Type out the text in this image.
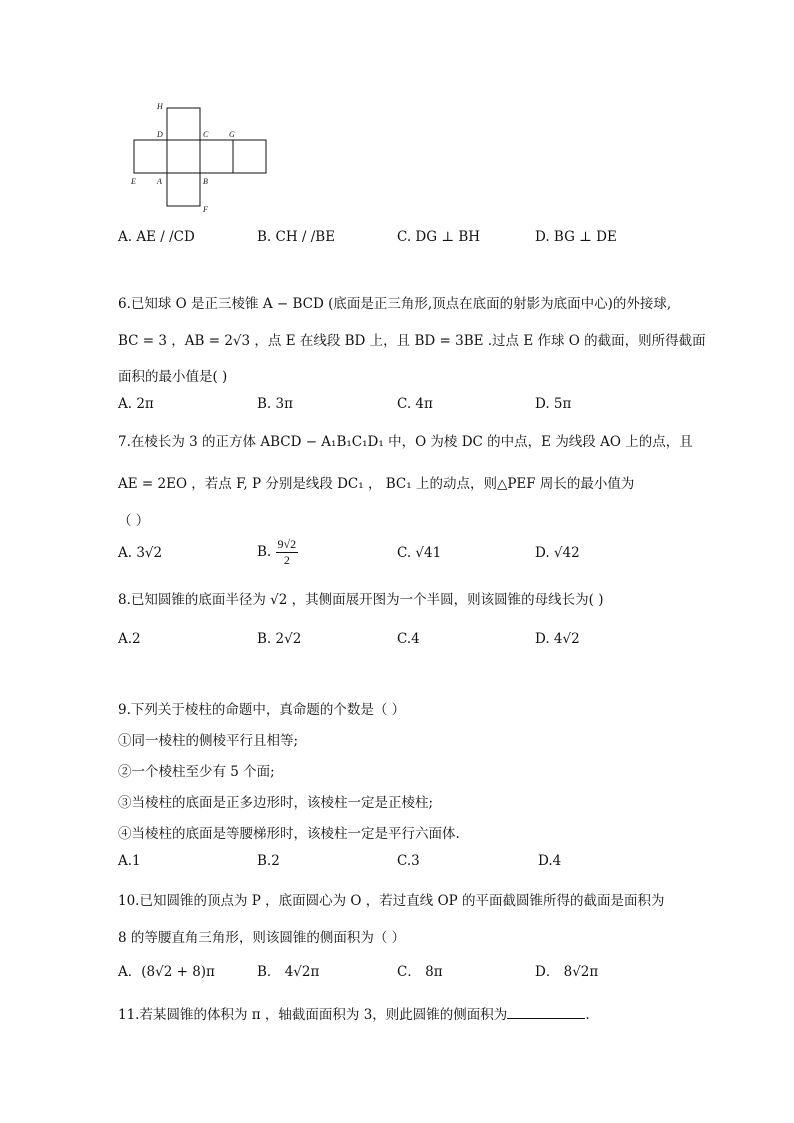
H
D	C	G
E	A	B
F
A. AE / /CD	B. CH / /BE	C. DG ⊥ BH	D. BG ⊥ DE
6.已知球 O 是正三棱锥 A − BCD (底面是正三角形,顶点在底面的射影为底面中心)的外接球,
BC = 3 ，AB = 2√3 ，点 E 在线段 BD 上，且 BD = 3BE .过点 E 作球 O 的截面，则所得截面
面积的最小值是( )
A. 2π	B. 3π	C. 4π	D. 5π
7.在棱长为 3 的正方体 ABCD − A₁B₁C₁D₁ 中，O 为棱 DC 的中点，E 为线段 AO 上的点，且
AE = 2EO ，若点 F, P 分别是线段 DC₁ ， BC₁ 上的动点，则△PEF 周长的最小值为
（ ）
A. 3√2	B. $\frac{9√2}{2}$	C. √41	D. √42
8.已知圆锥的底面半径为 √2 ，其侧面展开图为一个半圆，则该圆锥的母线长为( )
A.2	B. 2√2	C.4	D. 4√2
9.下列关于棱柱的命题中，真命题的个数是（ ）
①同一棱柱的侧棱平行且相等;
②一个棱柱至少有 5 个面;
③当棱柱的底面是正多边形时，该棱柱一定是正棱柱;
④当棱柱的底面是等腰梯形时，该棱柱一定是平行六面体.
A.1	B.2	C.3	D.4
10.已知圆锥的顶点为 P ，底面圆心为 O ，若过直线 OP 的平面截圆锥所得的截面是面积为
8 的等腰直角三角形，则该圆锥的侧面积为（ ）
A．(8√2 + 8)π	B． 4√2π	C． 8π	D． 8√2π
11.若某圆锥的体积为 π ，轴截面面积为 3，则此圆锥的侧面积为	.
